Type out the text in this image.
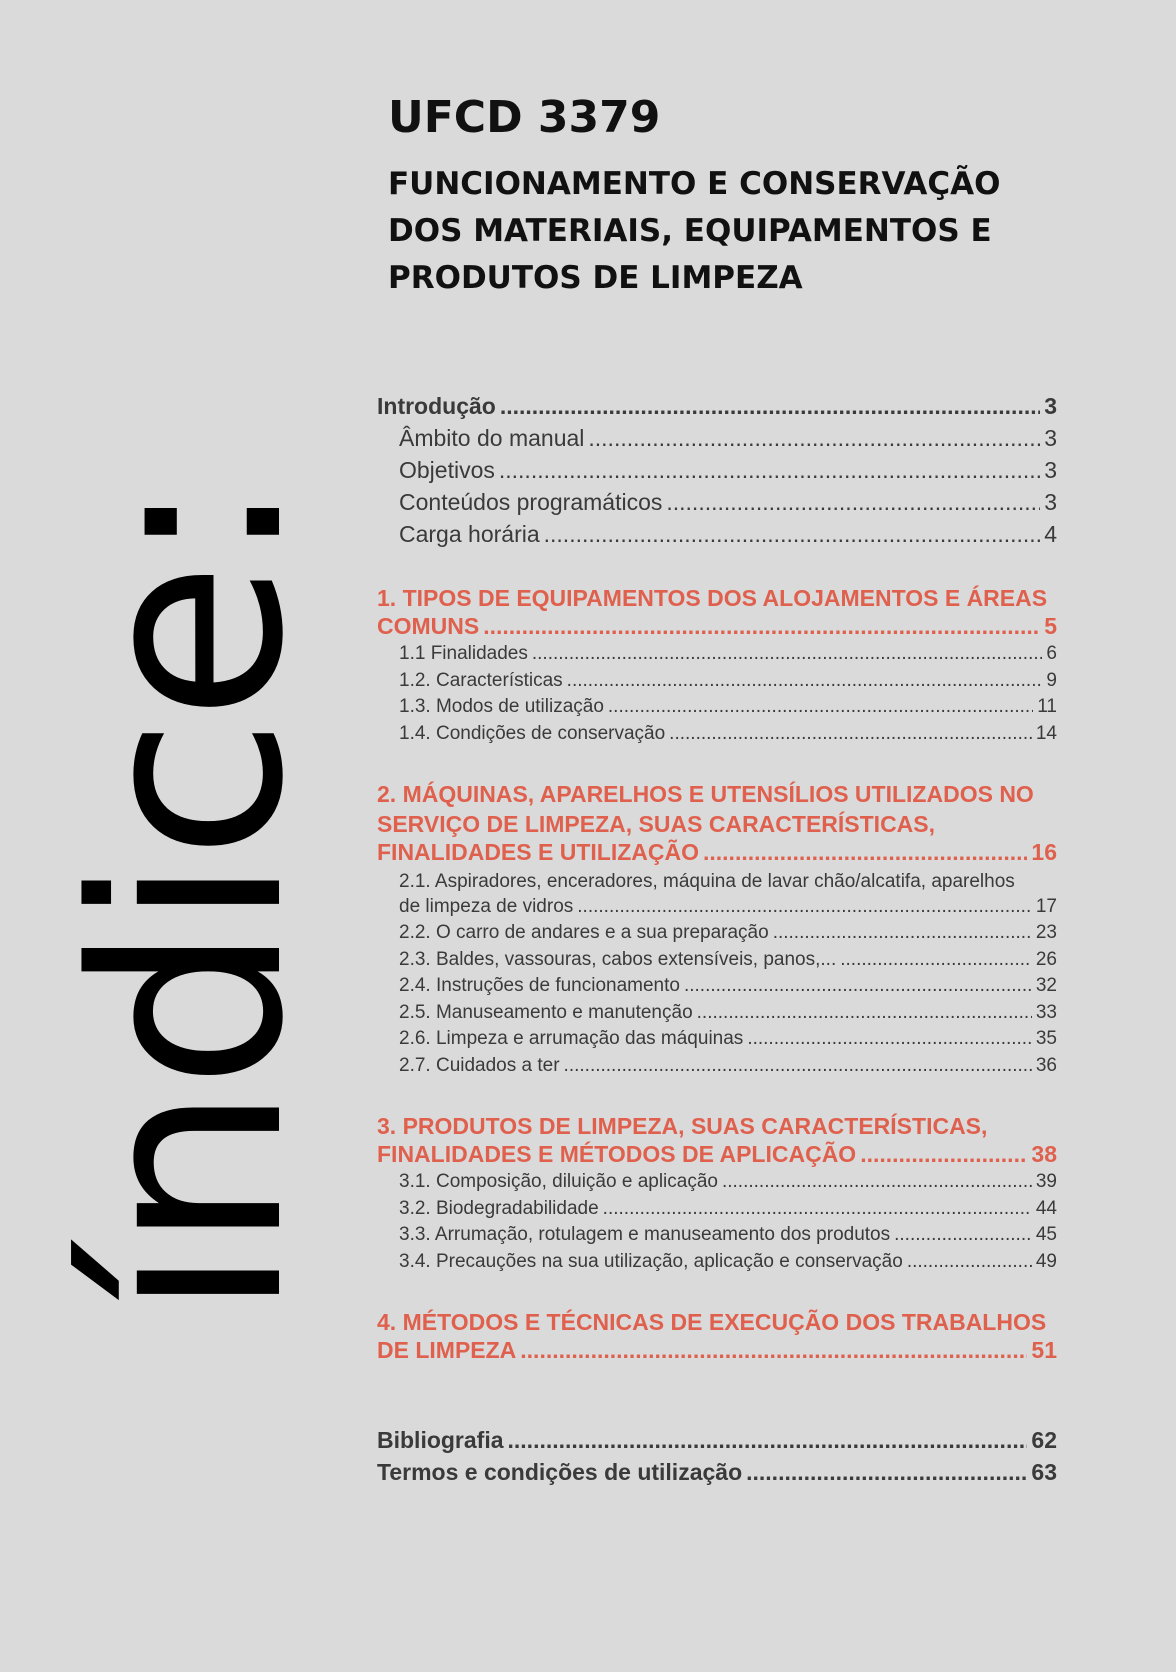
índice:
UFCD 3379
FUNCIONAMENTO E CONSERVAÇÃO
DOS MATERIAIS, EQUIPAMENTOS E
PRODUTOS DE LIMPEZA
Introdução .....	3
Âmbito do manual .....	3
Objetivos .....	3
Conteúdos programáticos .....	3
Carga horária .....	4
1. TIPOS DE EQUIPAMENTOS DOS ALOJAMENTOS E ÁREAS
COMUNS .....	5
1.1 Finalidades .....	6
1.2. Características .....	9
1.3. Modos de utilização .....	11
1.4. Condições de conservação .....	14
2. MÁQUINAS, APARELHOS E UTENSÍLIOS UTILIZADOS NO
SERVIÇO DE LIMPEZA, SUAS CARACTERÍSTICAS,
FINALIDADES E UTILIZAÇÃO .....	16
2.1. Aspiradores, enceradores, máquina de lavar chão/alcatifa, aparelhos
de limpeza de vidros .....	17
2.2. O carro de andares e a sua preparação .....	23
2.3. Baldes, vassouras, cabos extensíveis, panos,... .....	26
2.4. Instruções de funcionamento .....	32
2.5. Manuseamento e manutenção .....	33
2.6. Limpeza e arrumação das máquinas .....	35
2.7. Cuidados a ter .....	36
3. PRODUTOS DE LIMPEZA, SUAS CARACTERÍSTICAS,
FINALIDADES E MÉTODOS DE APLICAÇÃO .....	38
3.1. Composição, diluição e aplicação .....	39
3.2. Biodegradabilidade .....	44
3.3. Arrumação, rotulagem e manuseamento dos produtos .....	45
3.4. Precauções na sua utilização, aplicação e conservação .....	49
4. MÉTODOS E TÉCNICAS DE EXECUÇÃO DOS TRABALHOS
DE LIMPEZA .....	51
Bibliografia .....	62
Termos e condições de utilização .....	63
